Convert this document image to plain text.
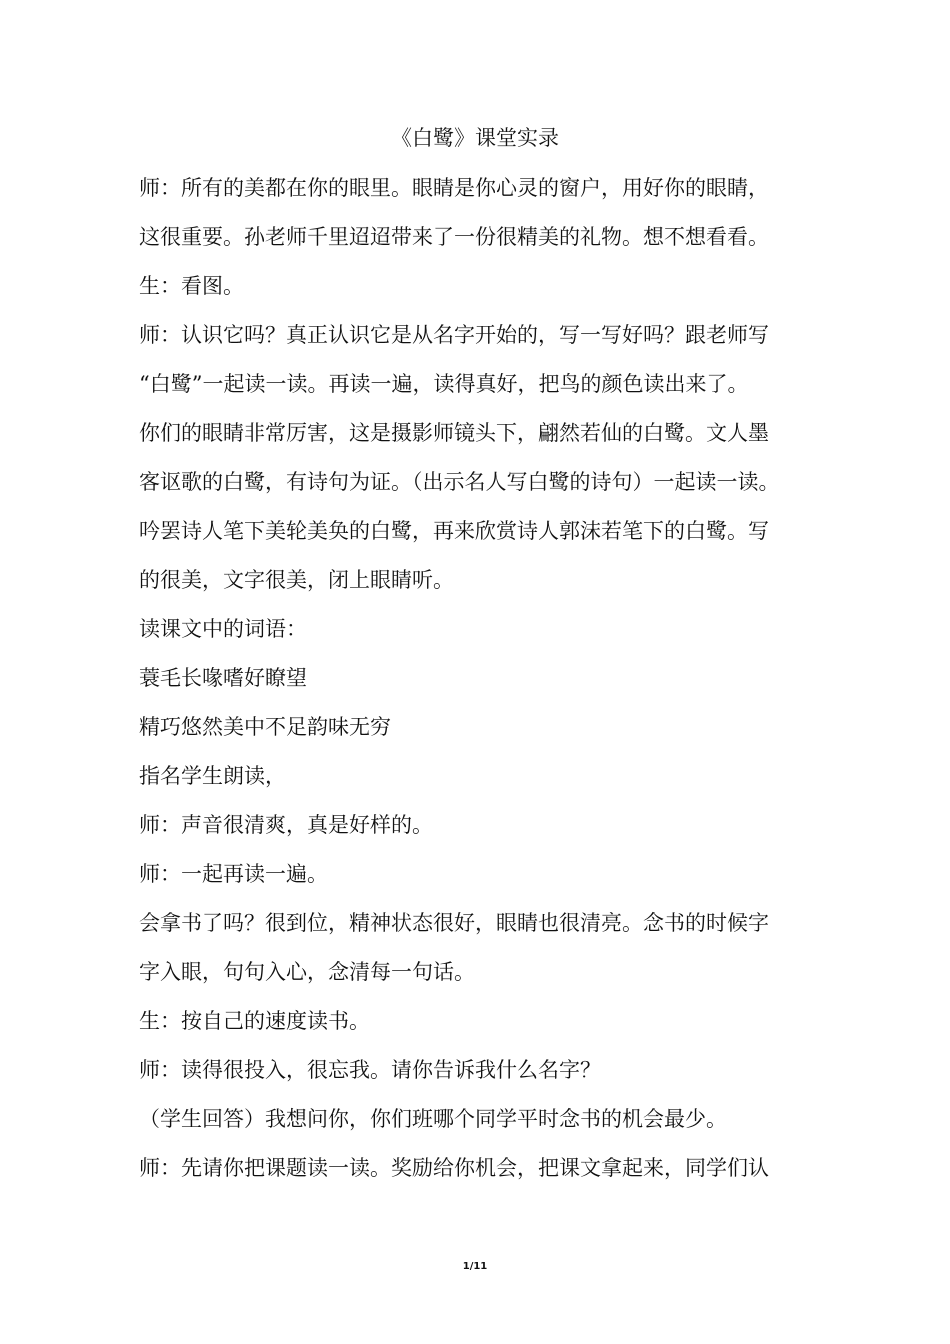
《白鹭》课堂实录
师：所有的美都在你的眼里。眼睛是你心灵的窗户，用好你的眼睛，
这很重要。孙老师千里迢迢带来了一份很精美的礼物。想不想看看。
生：看图。
师：认识它吗？真正认识它是从名字开始的，写一写好吗？跟老师写
“白鹭”一起读一读。再读一遍，读得真好，把鸟的颜色读出来了。
你们的眼睛非常厉害，这是摄影师镜头下，翩然若仙的白鹭。文人墨
客讴歌的白鹭，有诗句为证。（出示名人写白鹭的诗句）一起读一读。
吟罢诗人笔下美轮美奂的白鹭，再来欣赏诗人郭沫若笔下的白鹭。写
的很美，文字很美，闭上眼睛听。
读课文中的词语：
蓑毛长喙嗜好瞭望
精巧悠然美中不足韵味无穷
指名学生朗读，
师：声音很清爽，真是好样的。
师：一起再读一遍。
会拿书了吗？很到位，精神状态很好，眼睛也很清亮。念书的时候字
字入眼，句句入心，念清每一句话。
生：按自己的速度读书。
师：读得很投入，很忘我。请你告诉我什么名字？
（学生回答）我想问你，你们班哪个同学平时念书的机会最少。
师：先请你把课题读一读。奖励给你机会，把课文拿起来，同学们认
1/11
